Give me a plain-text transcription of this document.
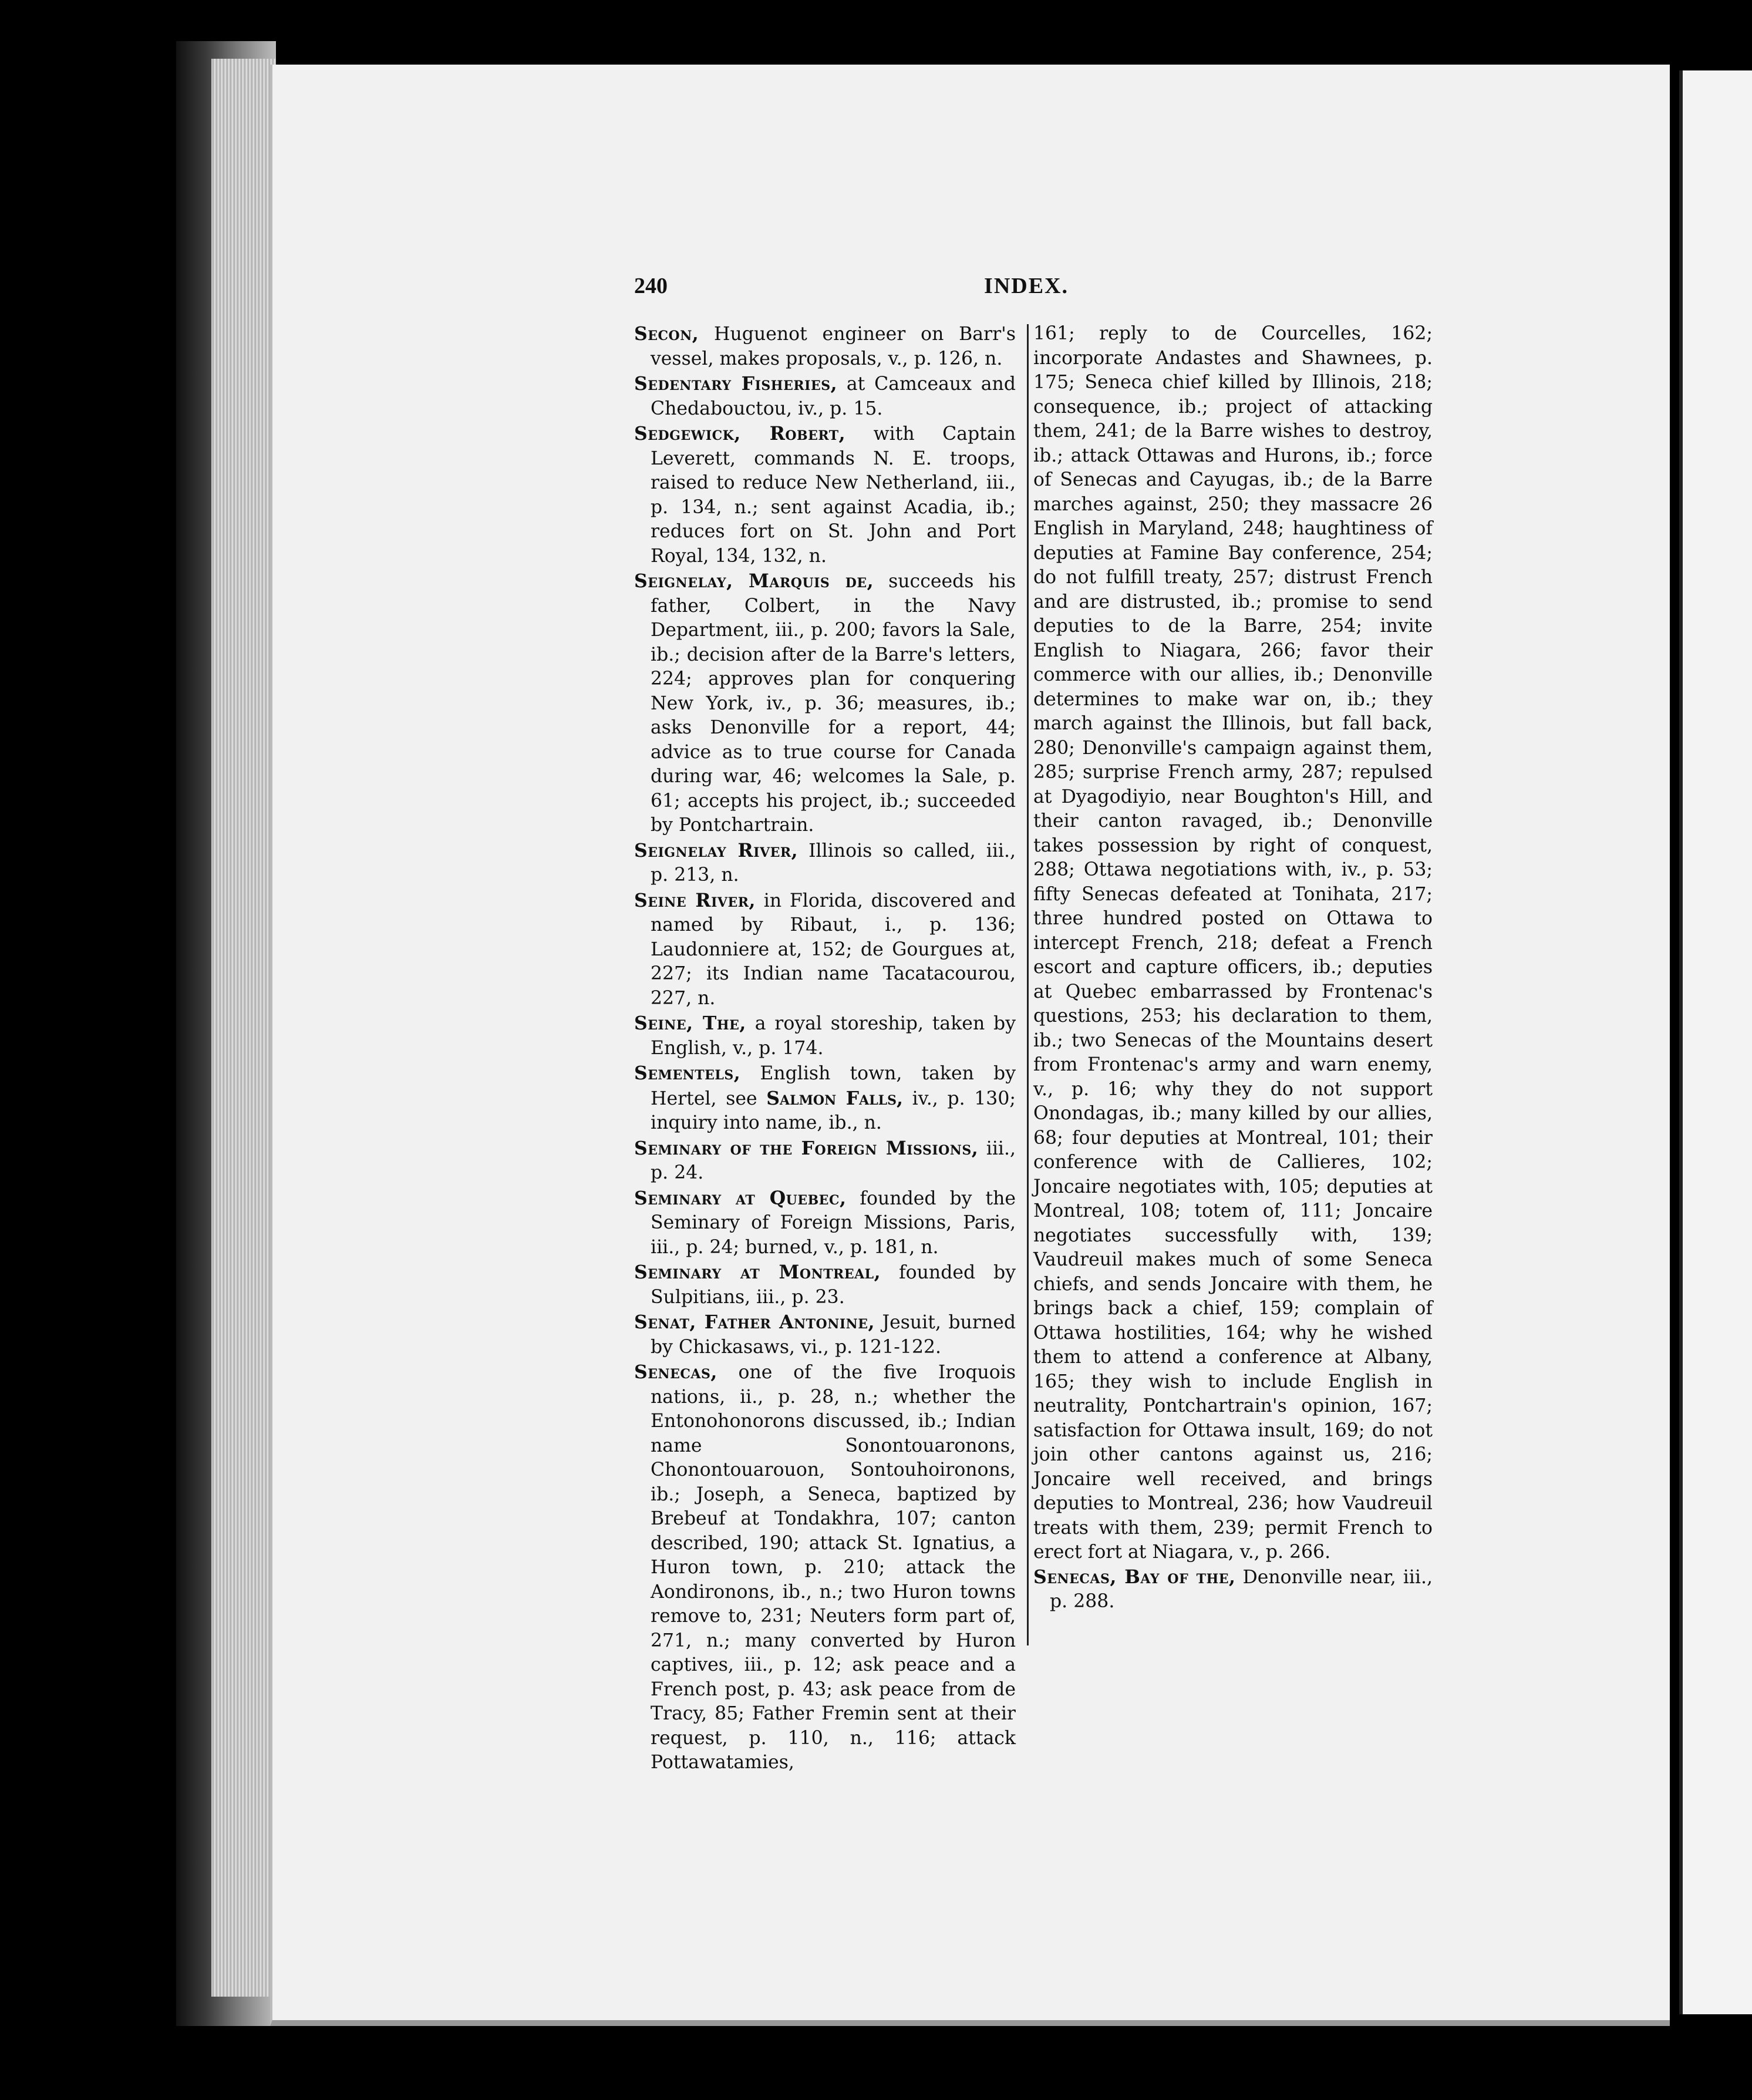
240	INDEX.

Secon, Huguenot engineer on Barr's vessel, makes proposals, v., p. 126, n.

Sedentary Fisheries, at Camceaux and Chedabouctou, iv., p. 15.

Sedgewick, Robert, with Captain Leverett, commands N. E. troops, raised to reduce New Netherland, iii., p. 134, n.; sent against Acadia, ib.; reduces fort on St. John and Port Royal, 134, 132, n.

Seignelay, Marquis de, succeeds his father, Colbert, in the Navy Department, iii., p. 200; favors la Sale, ib.; decision after de la Barre's letters, 224; approves plan for conquering New York, iv., p. 36; measures, ib.; asks Denonville for a report, 44; advice as to true course for Canada during war, 46; welcomes la Sale, p. 61; accepts his project, ib.; succeeded by Pontchartrain.

Seignelay River, Illinois so called, iii., p. 213, n.

Seine River, in Florida, discovered and named by Ribaut, i., p. 136; Laudonniere at, 152; de Gourgues at, 227; its Indian name Tacatacourou, 227, n.

Seine, The, a royal storeship, taken by English, v., p. 174.

Sementels, English town, taken by Hertel, see Salmon Falls, iv., p. 130; inquiry into name, ib., n.

Seminary of the Foreign Missions, iii., p. 24.

Seminary at Quebec, founded by the Seminary of Foreign Missions, Paris, iii., p. 24; burned, v., p. 181, n.

Seminary at Montreal, founded by Sulpitians, iii., p. 23.

Senat, Father Antonine, Jesuit, burned by Chickasaws, vi., p. 121-122.

Senecas, one of the five Iroquois nations, ii., p. 28, n.; whether the Entonohonorons discussed, ib.; Indian name Sonontouaronons, Chonontouarouon, Sontouhoironons, ib.; Joseph, a Seneca, baptized by Brebeuf at Tondakhra, 107; canton described, 190; attack St. Ignatius, a Huron town, p. 210; attack the Aondironons, ib., n.; two Huron towns remove to, 231; Neuters form part of, 271, n.; many converted by Huron captives, iii., p. 12; ask peace and a French post, p. 43; ask peace from de Tracy, 85; Father Fremin sent at their request, p. 110, n., 116; attack Pottawatamies,

161; reply to de Courcelles, 162; incorporate Andastes and Shawnees, p. 175; Seneca chief killed by Illinois, 218; consequence, ib.; project of attacking them, 241; de la Barre wishes to destroy, ib.; attack Ottawas and Hurons, ib.; force of Senecas and Cayugas, ib.; de la Barre marches against, 250; they massacre 26 English in Maryland, 248; haughtiness of deputies at Famine Bay conference, 254; do not fulfill treaty, 257; distrust French and are distrusted, ib.; promise to send deputies to de la Barre, 254; invite English to Niagara, 266; favor their commerce with our allies, ib.; Denonville determines to make war on, ib.; they march against the Illinois, but fall back, 280; Denonville's campaign against them, 285; surprise French army, 287; repulsed at Dyagodiyio, near Boughton's Hill, and their canton ravaged, ib.; Denonville takes possession by right of conquest, 288; Ottawa negotiations with, iv., p. 53; fifty Senecas defeated at Tonihata, 217; three hundred posted on Ottawa to intercept French, 218; defeat a French escort and capture officers, ib.; deputies at Quebec embarrassed by Frontenac's questions, 253; his declaration to them, ib.; two Senecas of the Mountains desert from Frontenac's army and warn enemy, v., p. 16; why they do not support Onondagas, ib.; many killed by our allies, 68; four deputies at Montreal, 101; their conference with de Callieres, 102; Joncaire negotiates with, 105; deputies at Montreal, 108; totem of, 111; Joncaire negotiates successfully with, 139; Vaudreuil makes much of some Seneca chiefs, and sends Joncaire with them, he brings back a chief, 159; complain of Ottawa hostilities, 164; why he wished them to attend a conference at Albany, 165; they wish to include English in neutrality, Pontchartrain's opinion, 167; satisfaction for Ottawa insult, 169; do not join other cantons against us, 216; Joncaire well received, and brings deputies to Montreal, 236; how Vaudreuil treats with them, 239; permit French to erect fort at Niagara, v., p. 266.

Senecas, Bay of the, Denonville near, iii., p. 288.
